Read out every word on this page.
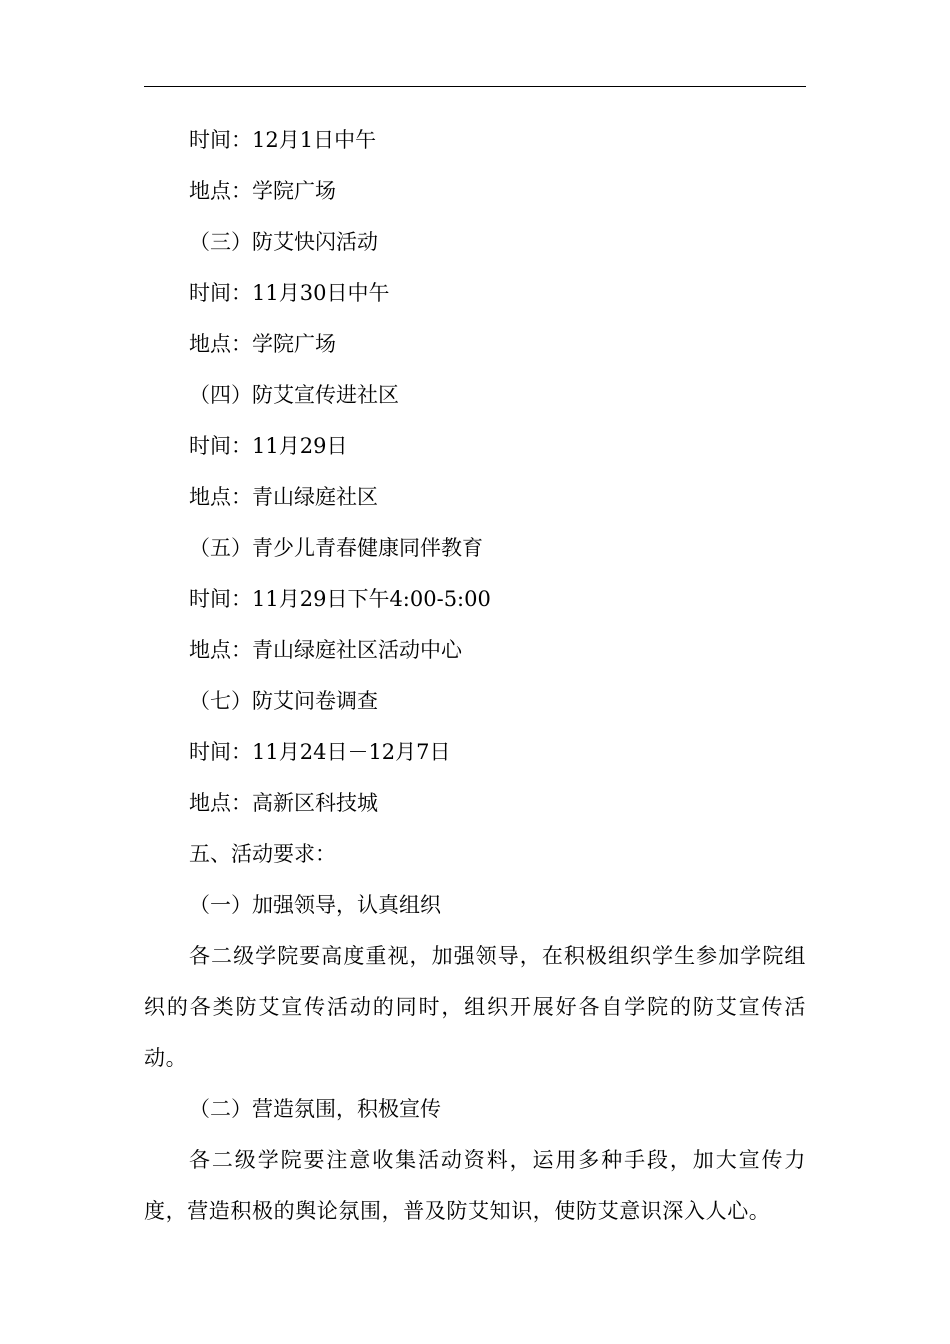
时间：12月1日中午
地点：学院广场
（三）防艾快闪活动
时间：11月30日中午
地点：学院广场
（四）防艾宣传进社区
时间：11月29日
地点：青山绿庭社区
（五）青少儿青春健康同伴教育
时间：11月29日下午4:00-5:00
地点：青山绿庭社区活动中心
（七）防艾问卷调查
时间：11月24日－12月7日
地点：高新区科技城
五、活动要求：
（一）加强领导，认真组织

各二级学院要高度重视，加强领导，在积极组织学生参加学院组织的各类防艾宣传活动的同时，组织开展好各自学院的防艾宣传活动。

（二）营造氛围，积极宣传

各二级学院要注意收集活动资料，运用多种手段，加大宣传力度，营造积极的舆论氛围，普及防艾知识，使防艾意识深入人心。
